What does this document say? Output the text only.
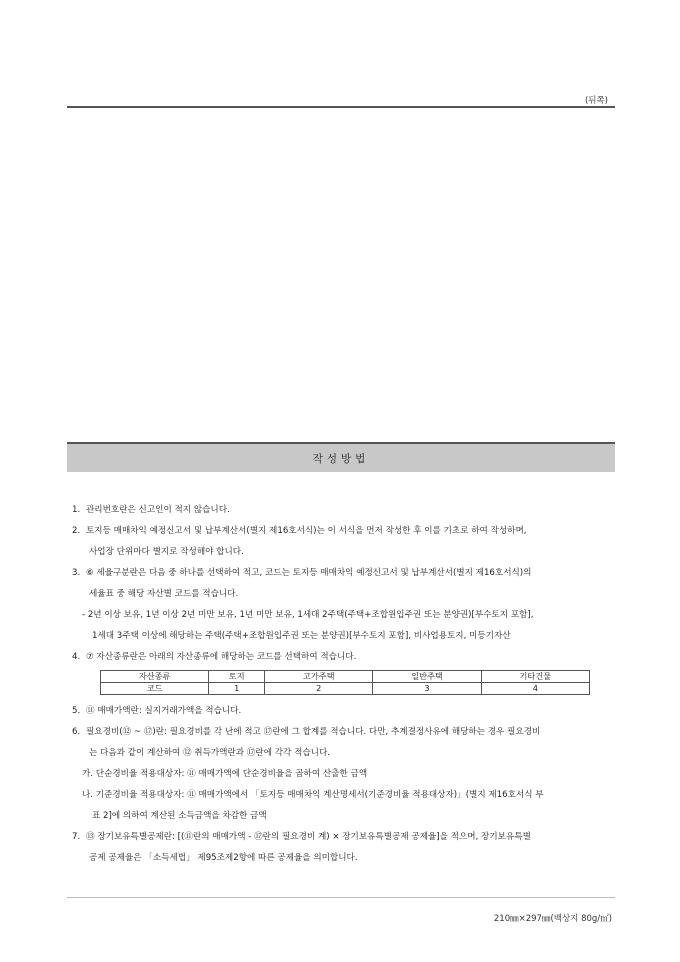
(뒤쪽)
작성방법
1. 관리번호란은 신고인이 적지 않습니다.
2. 토지등 매매차익 예정신고서 및 납부계산서(별지 제16호서식)는 이 서식을 먼저 작성한 후 이를 기초로 하여 작성하며,
사업장 단위마다 별지로 작성해야 합니다.
3. ⑥ 세율구분란은 다음 중 하나를 선택하여 적고, 코드는 토지등 매매차익 예정신고서 및 납부계산서(별지 제16호서식)의
세율표 중 해당 자산별 코드를 적습니다.
- 2년 이상 보유, 1년 이상 2년 미만 보유, 1년 미만 보유, 1세대 2주택(주택+조합원입주권 또는 분양권)[부수토지 포함],
1세대 3주택 이상에 해당하는 주택(주택+조합원입주권 또는 분양권)[부수토지 포함], 비사업용토지, 미등기자산
4. ⑦ 자산종류란은 아래의 자산종류에 해당하는 코드를 선택하여 적습니다.
자산종류	토지	고가주택	일반주택	기타건물
코드	1	2	3	4
5. ⑪ 매매가액란: 실지거래가액을 적습니다.
6. 필요경비(⑫ ~ ⑰)란: 필요경비를 각 난에 적고 ⑰란에 그 합계를 적습니다. 다만, 추계결정사유에 해당하는 경우 필요경비
는 다음과 같이 계산하여 ⑫ 취득가액란과 ⑰란에 각각 적습니다.
가. 단순경비율 적용대상자: ⑪ 매매가액에 단순경비율을 곱하여 산출한 금액
나. 기준경비율 적용대상자: ⑪ 매매가액에서 「토지등 매매차익 계산명세서(기준경비율 적용대상자)」(별지 제16호서식 부
표 2]에 의하여 계산된 소득금액을 차감한 금액
7. ⑬ 장기보유특별공제란: [(⑪란의 매매가액 - ⑰란의 필요경비 계) × 장기보유특별공제 공제율]을 적으며, 장기보유특별
공제 공제율은 「소득세법」 제95조제2항에 따른 공제율을 의미합니다.
210㎜×297㎜(백상지 80g/㎡)
